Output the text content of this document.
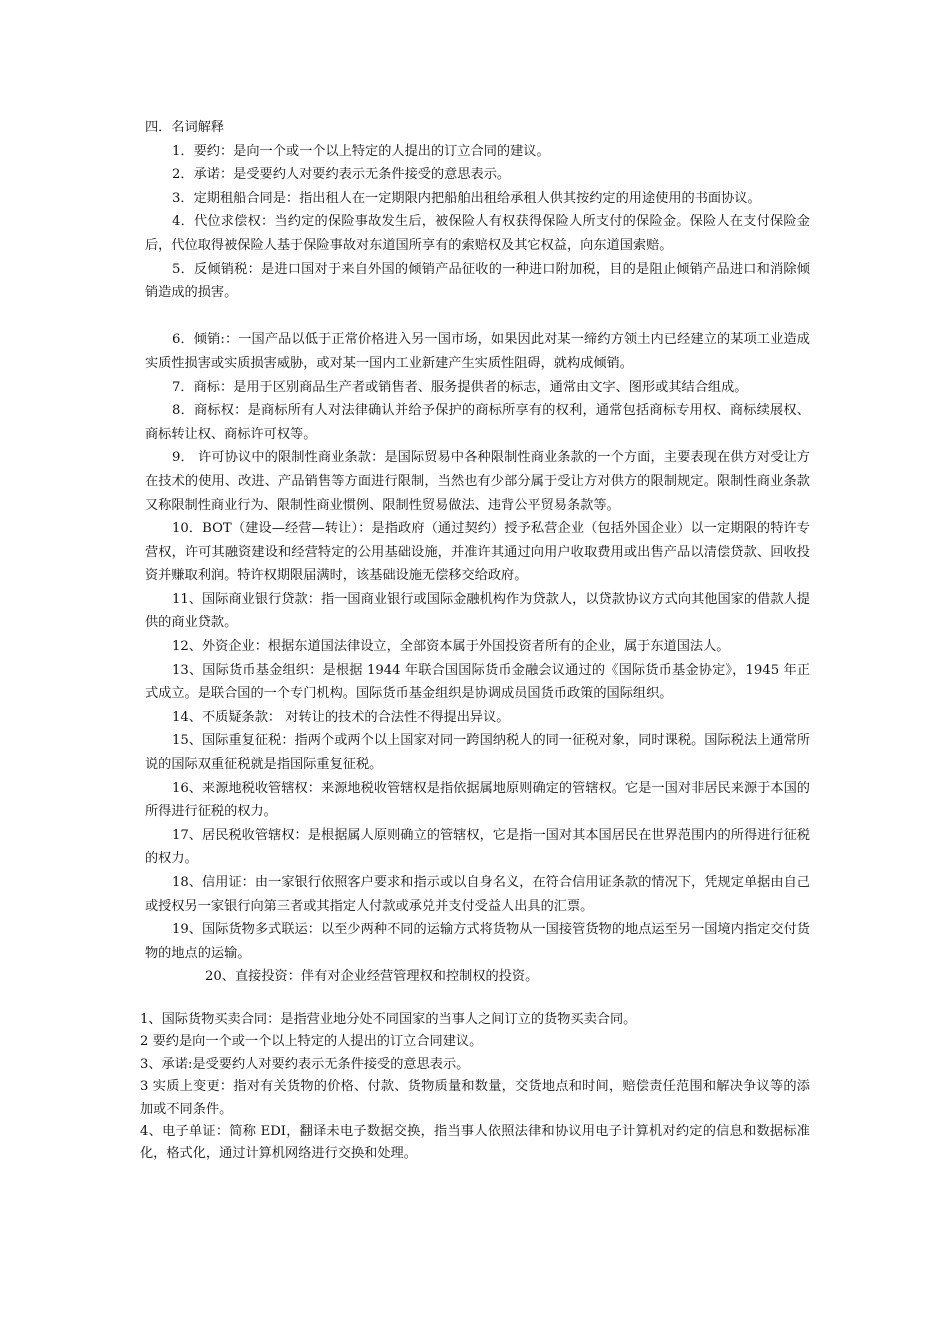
四．名词解释

1．要约：是向一个或一个以上特定的人提出的订立合同的建议。

2．承诺：是受要约人对要约表示无条件接受的意思表示。

3．定期租船合同是：指出租人在一定期限内把船舶出租给承租人供其按约定的用途使用的书面协议。

4．代位求偿权：当约定的保险事故发生后，被保险人有权获得保险人所支付的保险金。保险人在支付保险金后，代位取得被保险人基于保险事故对东道国所享有的索赔权及其它权益，向东道国索赔。

5．反倾销税：是进口国对于来自外国的倾销产品征收的一种进口附加税，目的是阻止倾销产品进口和消除倾销造成的损害。

6．倾销:：一国产品以低于正常价格进入另一国市场，如果因此对某一缔约方领土内已经建立的某项工业造成实质性损害或实质损害威胁，或对某一国内工业新建产生实质性阻碍，就构成倾销。

7．商标：是用于区别商品生产者或销售者、服务提供者的标志，通常由文字、图形或其结合组成。

8．商标权：是商标所有人对法律确认并给予保护的商标所享有的权利，通常包括商标专用权、商标续展权、商标转让权、商标许可权等。

9． 许可协议中的限制性商业条款：是国际贸易中各种限制性商业条款的一个方面，主要表现在供方对受让方在技术的使用、改进、产品销售等方面进行限制，当然也有少部分属于受让方对供方的限制规定。限制性商业条款又称限制性商业行为、限制性商业惯例、限制性贸易做法、违背公平贸易条款等。

10．BOT（建设—经营—转让）：是指政府（通过契约）授予私营企业（包括外国企业）以一定期限的特许专营权，许可其融资建设和经营特定的公用基础设施，并准许其通过向用户收取费用或出售产品以清偿贷款、回收投资并赚取利润。特许权期限届满时，该基础设施无偿移交给政府。

11、国际商业银行贷款：指一国商业银行或国际金融机构作为贷款人，以贷款协议方式向其他国家的借款人提供的商业贷款。

12、外资企业：根据东道国法律设立，全部资本属于外国投资者所有的企业，属于东道国法人。

13、国际货币基金组织：是根据 1944 年联合国国际货币金融会议通过的《国际货币基金协定》，1945 年正式成立。是联合国的一个专门机构。国际货币基金组织是协调成员国货币政策的国际组织。

14、不质疑条款： 对转让的技术的合法性不得提出异议。

15、国际重复征税：指两个或两个以上国家对同一跨国纳税人的同一征税对象，同时课税。国际税法上通常所说的国际双重征税就是指国际重复征税。

16、来源地税收管辖权：来源地税收管辖权是指依据属地原则确定的管辖权。它是一国对非居民来源于本国的所得进行征税的权力。

17、居民税收管辖权：是根据属人原则确立的管辖权，它是指一国对其本国居民在世界范围内的所得进行征税的权力。

18、信用证：由一家银行依照客户要求和指示或以自身名义，在符合信用证条款的情况下，凭规定单据由自己或授权另一家银行向第三者或其指定人付款或承兑并支付受益人出具的汇票。

19、国际货物多式联运：以至少两种不同的运输方式将货物从一国接管货物的地点运至另一国境内指定交付货物的地点的运输。

20、直接投资：伴有对企业经营管理权和控制权的投资。

1、国际货物买卖合同：是指营业地分处不同国家的当事人之间订立的货物买卖合同。

2 要约是向一个或一个以上特定的人提出的订立合同建议。

3、承诺:是受要约人对要约表示无条件接受的意思表示。

3 实质上变更：指对有关货物的价格、付款、货物质量和数量，交货地点和时间，赔偿责任范围和解决争议等的添加或不同条件。

4、电子单证：简称 EDI，翻译未电子数据交换，指当事人依照法律和协议用电子计算机对约定的信息和数据标准化，格式化，通过计算机网络进行交换和处理。
